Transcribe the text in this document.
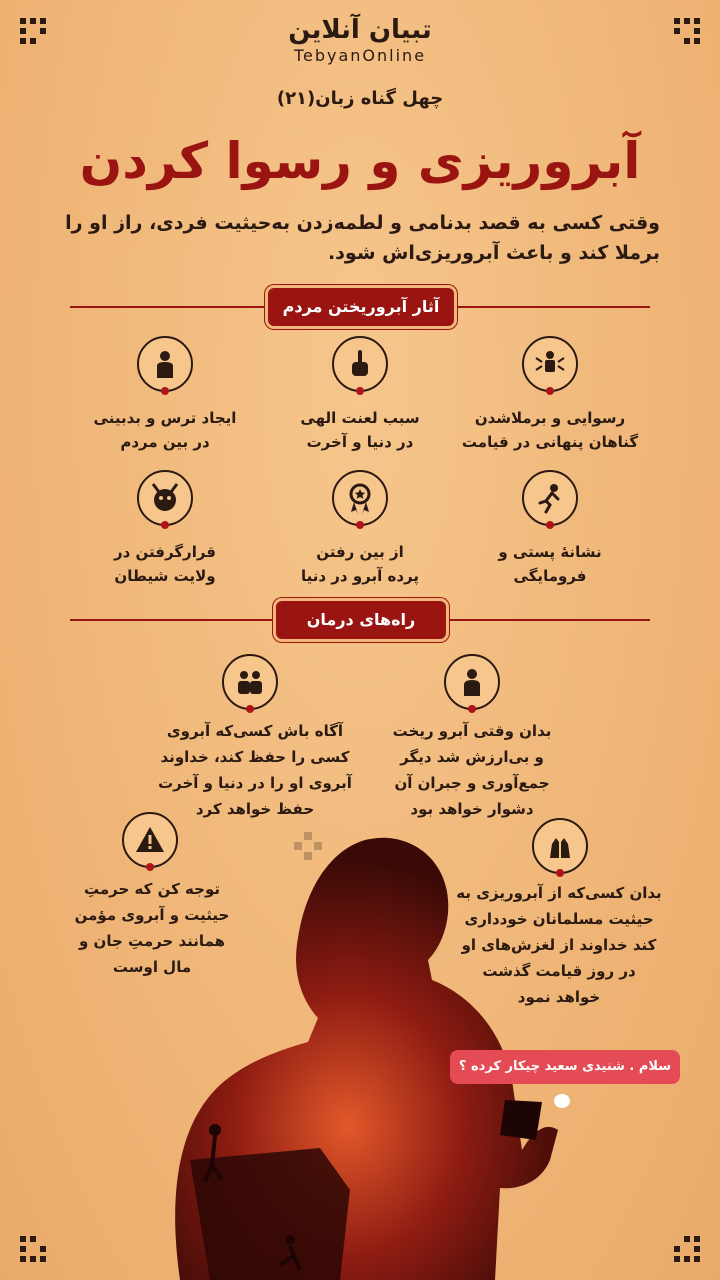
تبیان آنلاین
TebyanOnline
چهل گناه زبان(۲۱)
آبروریزی و رسوا کردن
وقتی کسی به قصد بدنامی و لطمه‌زدن به‌حیثیت فردی، راز او را برملا کند و باعث آبروریزی‌اش شود.
آثار آبروریختن مردم
رسوایی و برملاشدن
گناهان پنهانی در قیامت
سبب لعنت الهی
در دنیا و آخرت
ایجاد ترس و بدبینی
در بین مردم
نشانهٔ پستی و
فرومایگی
از بین رفتن
پرده آبرو در دنیا
قرارگرفتن در
ولایت شیطان
راه‌های درمان
بدان وقتی آبرو ریخت
و بی‌ارزش شد دیگر
جمع‌آوری و جبران آن
دشوار خواهد بود
آگاه باش کسی‌که آبروی
کسی را حفظ کند، خداوند
آبروی او را در دنیا و آخرت
حفظ خواهد کرد
بدان کسی‌که از آبروریزی به
حیثیت مسلمانان خودداری
کند خداوند از لغزش‌های او
در روز قیامت گذشت
خواهد نمود
توجه کن که حرمتِ
حیثیت و آبروی مؤمن
همانند حرمتِ جان و
مال اوست
سلام . شنیدی سعید چیکار کرده ؟
